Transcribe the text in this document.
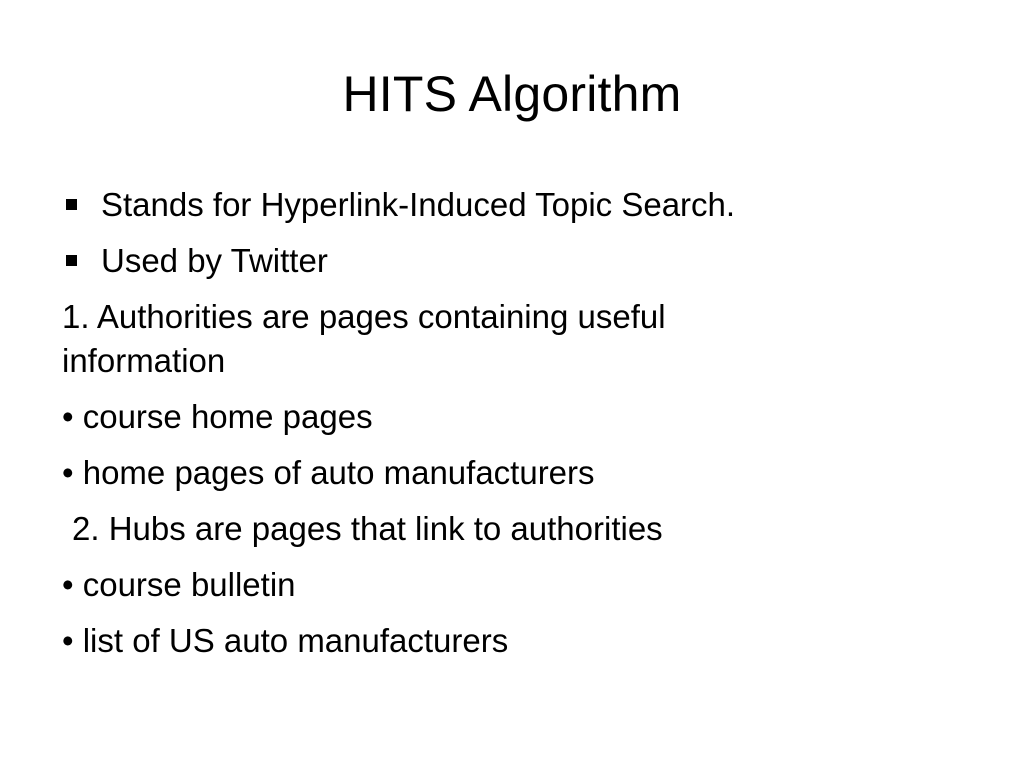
HITS Algorithm
Stands for Hyperlink-Induced Topic Search.
Used by Twitter
1. Authorities are pages containing useful information
• course home pages
• home pages of auto manufacturers
2. Hubs are pages that link to authorities
• course bulletin
• list of US auto manufacturers
